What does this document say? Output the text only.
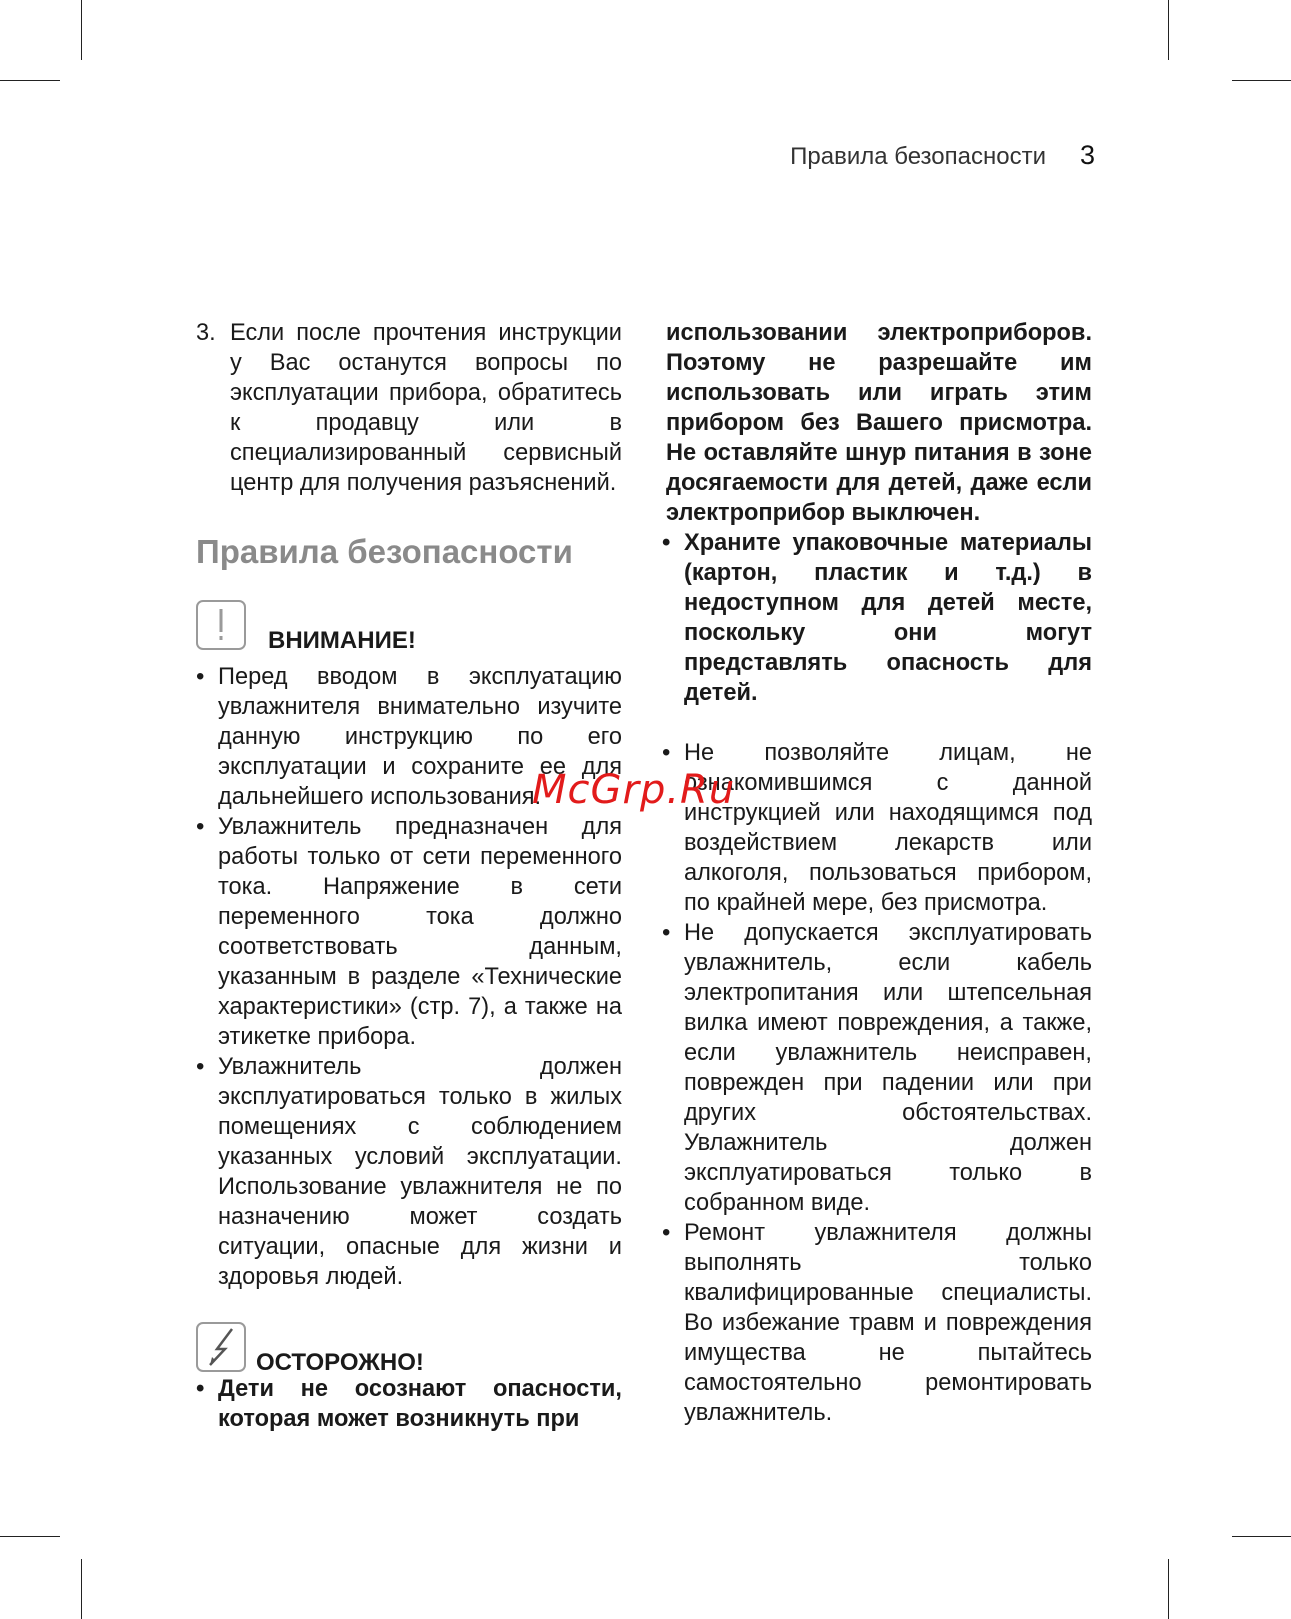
Правила безопасности 3
3. Если после прочтения инструкции у Вас останутся вопросы по эксплуатации прибора, обратитесь к продавцу или в специализированный сервисный центр для получения разъяснений.
Правила безопасности
ВНИМАНИЕ!
• Перед вводом в эксплуатацию увлажнителя внимательно изучите данную инструкцию по его эксплуатации и сохраните ее для дальнейшего использования.
• Увлажнитель предназначен для работы только от сети переменного тока. Напряжение в сети переменного тока должно соответствовать данным, указанным в разделе «Технические характеристики» (стр. 7), а также на этикетке прибора.
• Увлажнитель должен эксплуатироваться только в жилых помещениях с соблюдением указанных условий эксплуатации. Использование увлажнителя не по назначению может создать ситуации, опасные для жизни и здоровья людей.
ОСТОРОЖНО!
• Дети не осознают опасности, которая может возникнуть при
использовании электроприборов. Поэтому не разрешайте им использовать или играть этим прибором без Вашего присмотра. Не оставляйте шнур питания в зоне досягаемости для детей, даже если электроприбор выключен.
• Храните упаковочные материалы (картон, пластик и т.д.) в недоступном для детей месте, поскольку они могут представлять опасность для детей.
• Не позволяйте лицам, не ознакомившимся с данной инструкцией или находящимся под воздействием лекарств или алкоголя, пользоваться прибором, по крайней мере, без присмотра.
• Не допускается эксплуатировать увлажнитель, если кабель электропитания или штепсельная вилка имеют повреждения, а также, если увлажнитель неисправен, поврежден при падении или при других обстоятельствах. Увлажнитель должен эксплуатироваться только в собранном виде.
• Ремонт увлажнителя должны выполнять только квалифицированные специалисты. Во избежание травм и повреждения имущества не пытайтесь самостоятельно ремонтировать увлажнитель.
McGrp.Ru
